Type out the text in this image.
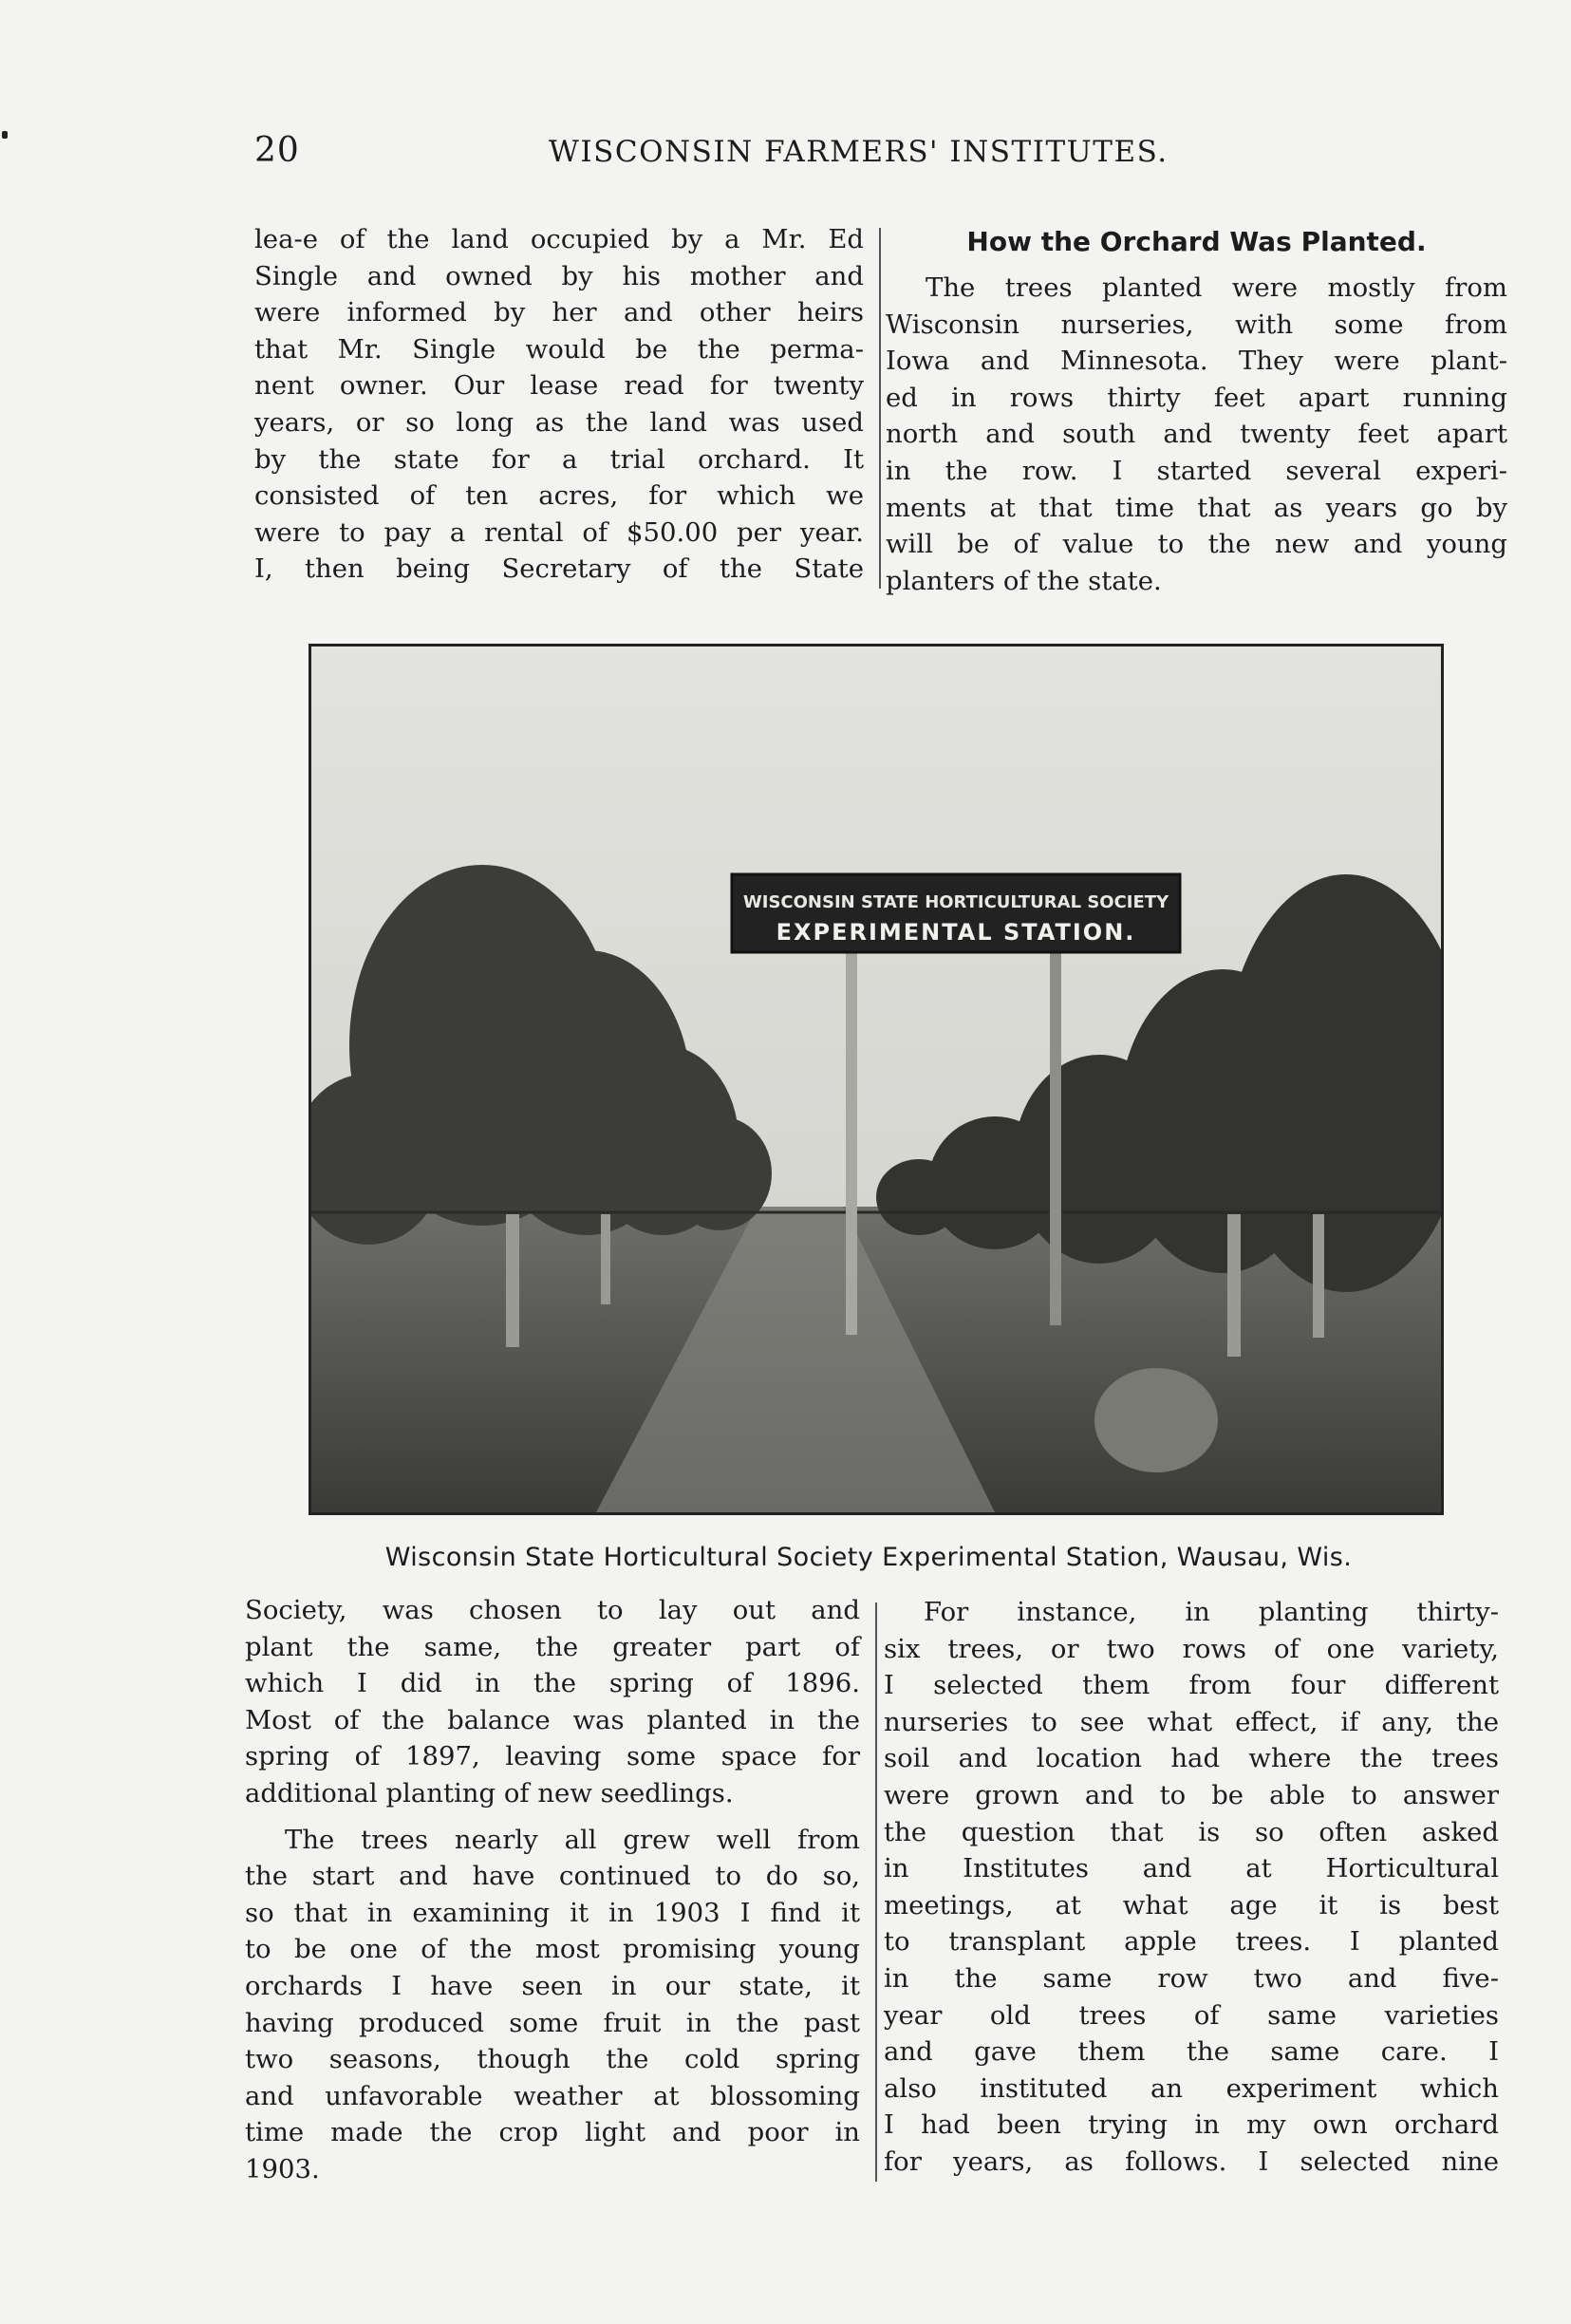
20	WISCONSIN FARMERS' INSTITUTES.
lea-e of the land occupied by a Mr. Ed
Single and owned by his mother and
were informed by her and other heirs
that Mr. Single would be the perma-
nent owner. Our lease read for twenty
years, or so long as the land was used
by the state for a trial orchard. It
consisted of ten acres, for which we
were to pay a rental of $50.00 per year.
I, then being Secretary of the State
How the Orchard Was Planted.
The trees planted were mostly from
Wisconsin nurseries, with some from
Iowa and Minnesota. They were plant-
ed in rows thirty feet apart running
north and south and twenty feet apart
in the row. I started several experi-
ments at that time that as years go by
will be of value to the new and young
planters of the state.
WISCONSIN STATE HORTICULTURAL SOCIETY
EXPERIMENTAL STATION.
Wisconsin State Horticultural Society Experimental Station, Wausau, Wis.
Society, was chosen to lay out and
plant the same, the greater part of
which I did in the spring of 1896.
Most of the balance was planted in the
spring of 1897, leaving some space for
additional planting of new seedlings.
The trees nearly all grew well from
the start and have continued to do so,
so that in examining it in 1903 I find it
to be one of the most promising young
orchards I have seen in our state, it
having produced some fruit in the past
two seasons, though the cold spring
and unfavorable weather at blossoming
time made the crop light and poor in
1903.
For instance, in planting thirty-
six trees, or two rows of one variety,
I selected them from four different
nurseries to see what effect, if any, the
soil and location had where the trees
were grown and to be able to answer
the question that is so often asked
in Institutes and at Horticultural
meetings, at what age it is best
to transplant apple trees. I planted
in the same row two and five-
year old trees of same varieties
and gave them the same care. I
also instituted an experiment which
I had been trying in my own orchard
for years, as follows. I selected nine
